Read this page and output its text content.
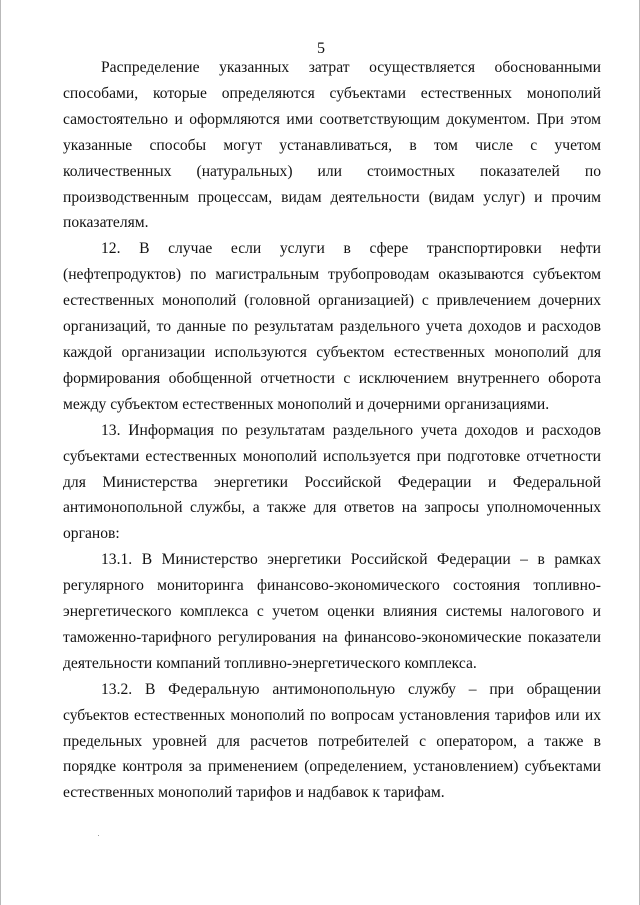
5

Распределение указанных затрат осуществляется обоснованными способами, которые определяются субъектами естественных монополий самостоятельно и оформляются ими соответствующим документом. При этом указанные способы могут устанавливаться, в том числе с учетом количественных (натуральных) или стоимостных показателей по производственным процессам, видам деятельности (видам услуг) и прочим показателям.

12. В случае если услуги в сфере транспортировки нефти (нефтепродуктов) по магистральным трубопроводам оказываются субъектом естественных монополий (головной организацией) с привлечением дочерних организаций, то данные по результатам раздельного учета доходов и расходов каждой организации используются субъектом естественных монополий для формирования обобщенной отчетности с исключением внутреннего оборота между субъектом естественных монополий и дочерними организациями.

13. Информация по результатам раздельного учета доходов и расходов субъектами естественных монополий используется при подготовке отчетности для Министерства энергетики Российской Федерации и Федеральной антимонопольной службы, а также для ответов на запросы уполномоченных органов:

13.1. В Министерство энергетики Российской Федерации – в рамках регулярного мониторинга финансово-экономического состояния топливно-энергетического комплекса с учетом оценки влияния системы налогового и таможенно-тарифного регулирования на финансово-экономические показатели деятельности компаний топливно-энергетического комплекса.

13.2. В Федеральную антимонопольную службу – при обращении субъектов естественных монополий по вопросам установления тарифов или их предельных уровней для расчетов потребителей с оператором, а также в порядке контроля за применением (определением, установлением) субъектами естественных монополий тарифов и надбавок к тарифам.
